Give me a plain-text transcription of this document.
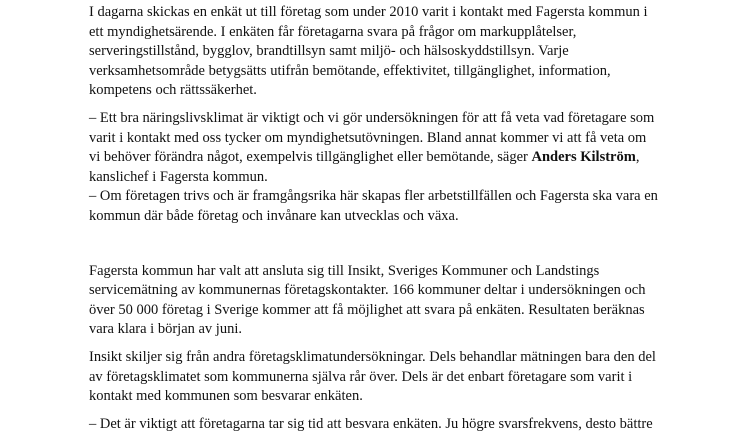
I dagarna skickas en enkät ut till företag som under 2010 varit i kontakt med Fagersta kommun i
ett myndighetsärende. I enkäten får företagarna svara på frågor om markupplåtelser,
serveringstillstånd, bygglov, brandtillsyn samt miljö- och hälsoskyddstillsyn. Varje
verksamhetsområde betygsätts utifrån bemötande, effektivitet, tillgänglighet, information,
kompetens och rättssäkerhet.

– Ett bra näringslivsklimat är viktigt och vi gör undersökningen för att få veta vad företagare som
varit i kontakt med oss tycker om myndighetsutövningen. Bland annat kommer vi att få veta om
vi behöver förändra något, exempelvis tillgänglighet eller bemötande, säger Anders Kilström,
kanslichef i Fagersta kommun.
– Om företagen trivs och är framgångsrika här skapas fler arbetstillfällen och Fagersta ska vara en
kommun där både företag och invånare kan utvecklas och växa.

Fagersta kommun har valt att ansluta sig till Insikt, Sveriges Kommuner och Landstings
servicemätning av kommunernas företagskontakter. 166 kommuner deltar i undersökningen och
över 50 000 företag i Sverige kommer att få möjlighet att svara på enkäten. Resultaten beräknas
vara klara i början av juni.

Insikt skiljer sig från andra företagsklimatundersökningar. Dels behandlar mätningen bara den del
av företagsklimatet som kommunerna själva rår över. Dels är det enbart företagare som varit i
kontakt med kommunen som besvarar enkäten.

– Det är viktigt att företagarna tar sig tid att besvara enkäten. Ju högre svarsfrekvens, desto bättre
